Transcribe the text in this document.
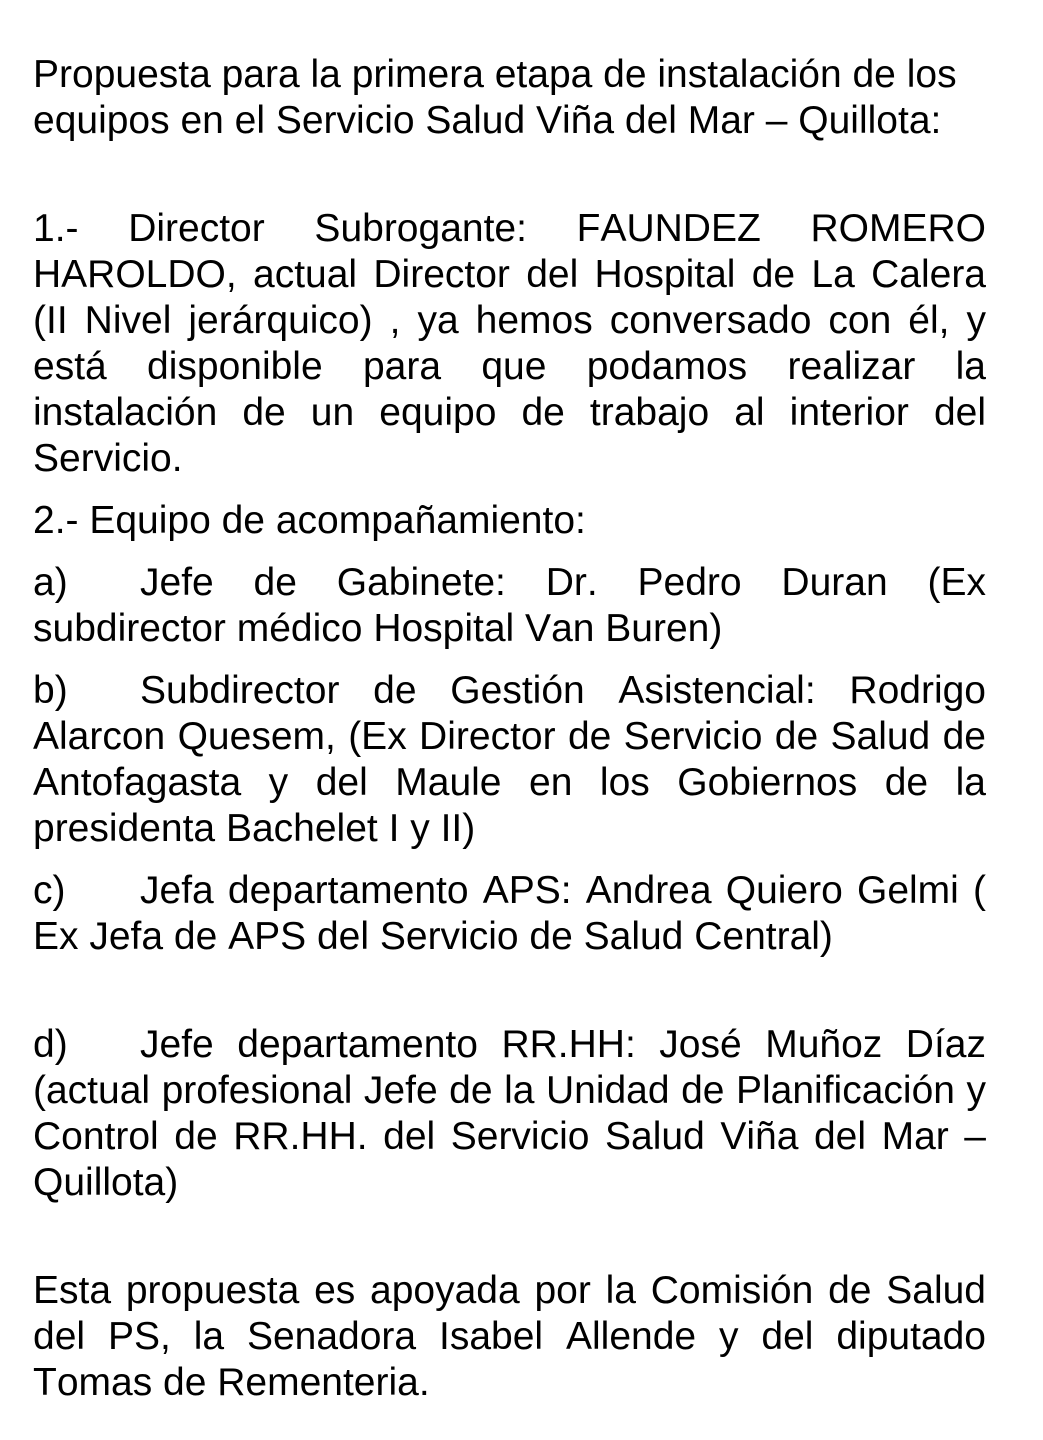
Propuesta para la primera etapa de instalación de los equipos en el Servicio Salud Viña del Mar – Quillota:

1.- Director Subrogante: FAUNDEZ ROMERO HAROLDO, actual Director del Hospital de La Calera (II Nivel jerárquico) , ya hemos conversado con él, y está disponible para que podamos realizar la instalación de un equipo de trabajo al interior del Servicio.

2.- Equipo de acompañamiento:

a) Jefe de Gabinete: Dr. Pedro Duran (Ex subdirector médico Hospital Van Buren)

b) Subdirector de Gestión Asistencial: Rodrigo Alarcon Quesem, (Ex Director de Servicio de Salud de Antofagasta y del Maule en los Gobiernos de la presidenta Bachelet I y II)

c) Jefa departamento APS: Andrea Quiero Gelmi ( Ex Jefa de APS del Servicio de Salud Central)

d) Jefe departamento RR.HH: José Muñoz Díaz (actual profesional Jefe de la Unidad de Planificación y Control de RR.HH. del Servicio Salud Viña del Mar – Quillota)

Esta propuesta es apoyada por la Comisión de Salud del PS, la Senadora Isabel Allende y del diputado Tomas de Rementeria.
